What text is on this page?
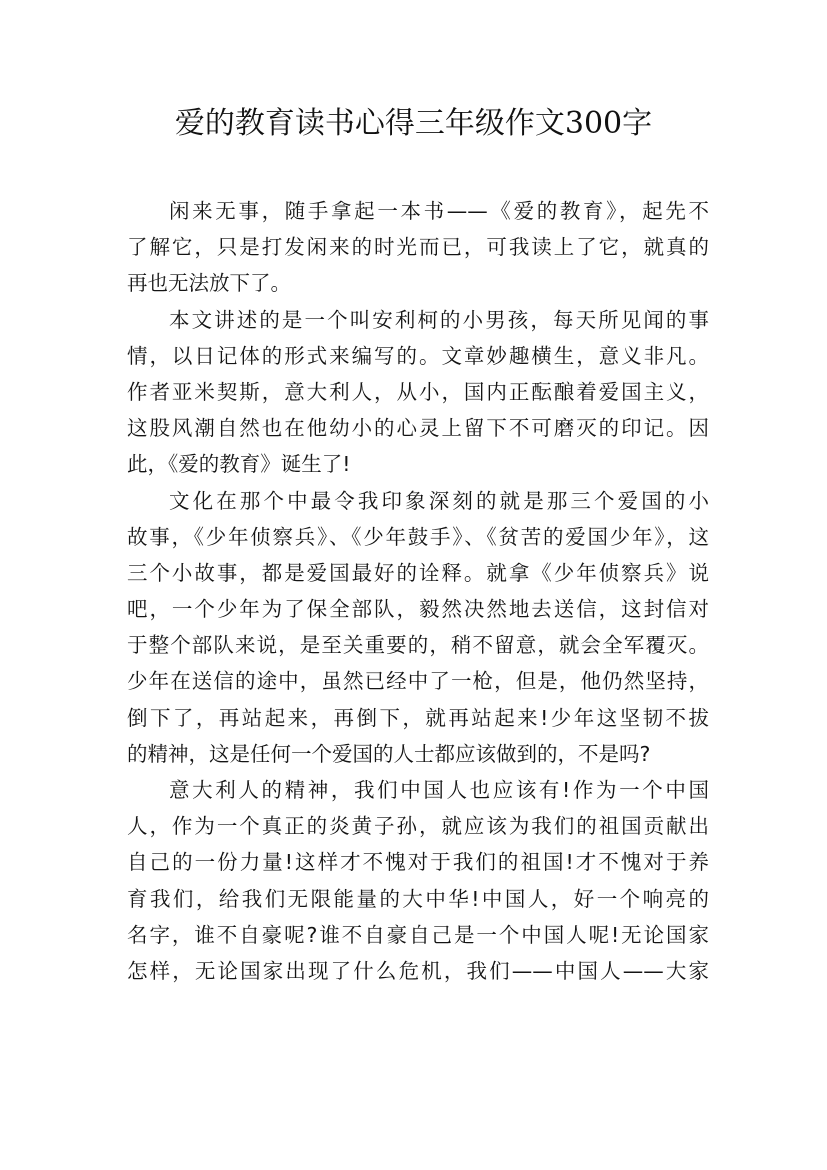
爱的教育读书心得三年级作文300字
闲来无事，随手拿起一本书——《爱的教育》，起先不
了解它，只是打发闲来的时光而已，可我读上了它，就真的
再也无法放下了。
本文讲述的是一个叫安利柯的小男孩，每天所见闻的事
情，以日记体的形式来编写的。文章妙趣横生，意义非凡。
作者亚米契斯，意大利人，从小，国内正酝酿着爱国主义，
这股风潮自然也在他幼小的心灵上留下不可磨灭的印记。因
此，《爱的教育》诞生了!
文化在那个中最令我印象深刻的就是那三个爱国的小
故事，《少年侦察兵》、《少年鼓手》、《贫苦的爱国少年》，这
三个小故事，都是爱国最好的诠释。就拿《少年侦察兵》说
吧，一个少年为了保全部队，毅然决然地去送信，这封信对
于整个部队来说，是至关重要的，稍不留意，就会全军覆灭。
少年在送信的途中，虽然已经中了一枪，但是，他仍然坚持，
倒下了，再站起来，再倒下，就再站起来!少年这坚韧不拔
的精神，这是任何一个爱国的人士都应该做到的，不是吗?
意大利人的精神，我们中国人也应该有!作为一个中国
人，作为一个真正的炎黄子孙，就应该为我们的祖国贡献出
自己的一份力量!这样才不愧对于我们的祖国!才不愧对于养
育我们，给我们无限能量的大中华!中国人，好一个响亮的
名字，谁不自豪呢?谁不自豪自己是一个中国人呢!无论国家
怎样，无论国家出现了什么危机，我们——中国人——大家
